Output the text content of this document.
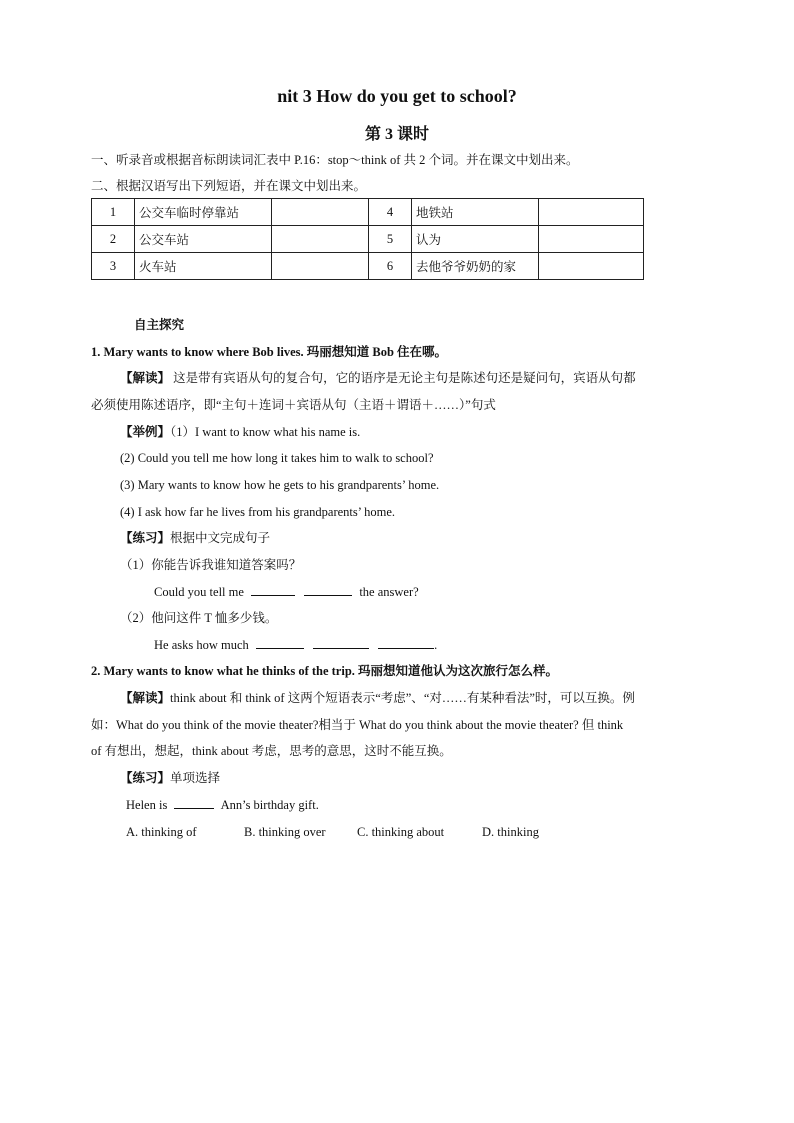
nit 3 How do you get to school?
第 3 课时
一、听录音或根据音标朗读词汇表中 P.16：stop～think of 共 2 个词。并在课文中划出来。
二、根据汉语写出下列短语，并在课文中划出来。
1	公交车临时停靠站		4	地铁站	
2	公交车站		5	认为	
3	火车站		6	去他爷爷奶奶的家	
自主探究
1. Mary wants to know where Bob lives. 玛丽想知道 Bob 住在哪。
【解读】 这是带有宾语从句的复合句，它的语序是无论主句是陈述句还是疑问句，宾语从句都
必须使用陈述语序，即“主句＋连词＋宾语从句（主语＋谓语＋……）”句式
【举例】（1）I want to know what his name is.
(2) Could you tell me how long it takes him to walk to school?
(3) Mary wants to know how he gets to his grandparents’ home.
(4) I ask how far he lives from his grandparents’ home.
【练习】根据中文完成句子
（1）你能告诉我谁知道答案吗？
Could you tell me	the answer?
（2）他问这件 T 恤多少钱。
He asks how much	.
2. Mary wants to know what he thinks of the trip. 玛丽想知道他认为这次旅行怎么样。
【解读】think about 和 think of 这两个短语表示“考虑”、“对……有某种看法”时，可以互换。例
如：What do you think of the movie theater?相当于 What do you think about the movie theater? 但 think
of 有想出，想起，think about 考虑，思考的意思，这时不能互换。
【练习】单项选择
Helen is	Ann’s birthday gift.
A. thinking of	B. thinking over	C. thinking about	D. thinking
